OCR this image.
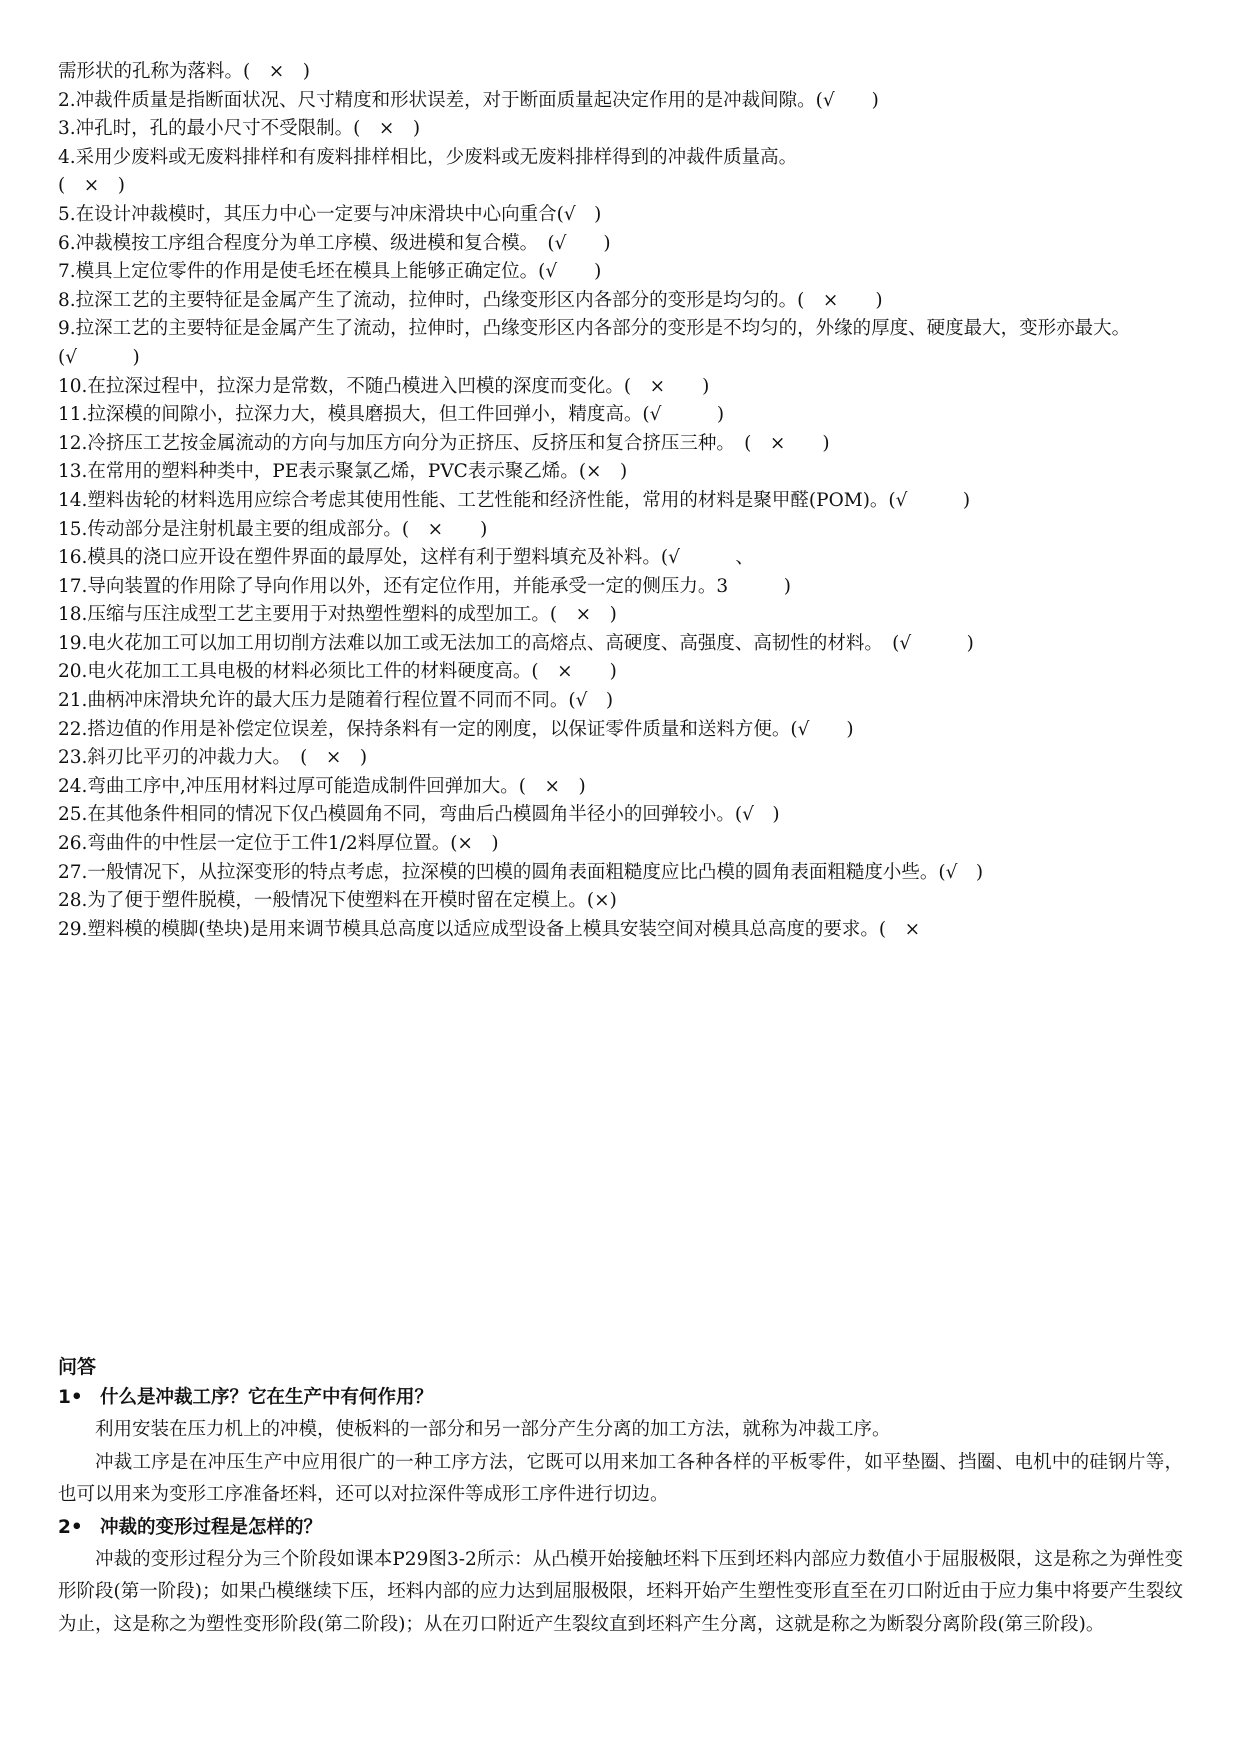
需形状的孔称为落料。(　×　)
2.冲裁件质量是指断面状况、尺寸精度和形状误差，对于断面质量起决定作用的是冲裁间隙。(√　　)
3.冲孔时，孔的最小尺寸不受限制。(　×　)
4.采用少废料或无废料排样和有废料排样相比，少废料或无废料排样得到的冲裁件质量高。
(　×　)
5.在设计冲裁模时，其压力中心一定要与冲床滑块中心向重合(√　)
6.冲裁模按工序组合程度分为单工序模、级进模和复合模。　(√　　)
7.模具上定位零件的作用是使毛坯在模具上能够正确定位。(√　　)
8.拉深工艺的主要特征是金属产生了流动，拉伸时，凸缘变形区内各部分的变形是均匀的。(　×　　)
9.拉深工艺的主要特征是金属产生了流动，拉伸时，凸缘变形区内各部分的变形是不均匀的，外缘的厚度、硬度最大，变形亦最大。(√　　　)
10.在拉深过程中，拉深力是常数，不随凸模进入凹模的深度而变化。(　×　　)
11.拉深模的间隙小，拉深力大，模具磨损大，但工件回弹小，精度高。(√　　　)
12.冷挤压工艺按金属流动的方向与加压方向分为正挤压、反挤压和复合挤压三种。　(　×　　)
13.在常用的塑料种类中，PE表示聚氯乙烯，PVC表示聚乙烯。(×　)
14.塑料齿轮的材料选用应综合考虑其使用性能、工艺性能和经济性能，常用的材料是聚甲醛(POM)。(√　　　)
15.传动部分是注射机最主要的组成部分。(　×　　)
16.模具的浇口应开设在塑件界面的最厚处，这样有利于塑料填充及补料。(√　　　、
17.导向装置的作用除了导向作用以外，还有定位作用，并能承受一定的侧压力。3　　　)
18.压缩与压注成型工艺主要用于对热塑性塑料的成型加工。(　×　)
19.电火花加工可以加工用切削方法难以加工或无法加工的高熔点、高硬度、高强度、高韧性的材料。　(√　　　)
20.电火花加工工具电极的材料必须比工件的材料硬度高。(　×　　)
21.曲柄冲床滑块允许的最大压力是随着行程位置不同而不同。(√　)
22.搭边值的作用是补偿定位误差，保持条料有一定的刚度，以保证零件质量和送料方便。(√　　)
23.斜刃比平刃的冲裁力大。　(　×　)
24.弯曲工序中,冲压用材料过厚可能造成制件回弹加大。(　×　)
25.在其他条件相同的情况下仅凸模圆角不同，弯曲后凸模圆角半径小的回弹较小。(√　)
26.弯曲件的中性层一定位于工件1/2料厚位置。(×　)
27.一般情况下，从拉深变形的特点考虑，拉深模的凹模的圆角表面粗糙度应比凸模的圆角表面粗糙度小些。(√　)
28.为了便于塑件脱模，一般情况下使塑料在开模时留在定模上。(×)
29.塑料模的模脚(垫块)是用来调节模具总高度以适应成型设备上模具安装空间对模具总高度的要求。(　×
问答
1• 什么是冲裁工序？它在生产中有何作用？
利用安装在压力机上的冲模，使板料的一部分和另一部分产生分离的加工方法，就称为冲裁工序。
冲裁工序是在冲压生产中应用很广的一种工序方法，它既可以用来加工各种各样的平板零件，如平垫圈、挡圈、电机中的硅钢片等，也可以用来为变形工序准备坯料，还可以对拉深件等成形工序件进行切边。
2• 冲裁的变形过程是怎样的？
冲裁的变形过程分为三个阶段如课本P29图3-2所示：从凸模开始接触坯料下压到坯料内部应力数值小于屈服极限，这是称之为弹性变形阶段(第一阶段)；如果凸模继续下压，坯料内部的应力达到屈服极限，坯料开始产生塑性变形直至在刃口附近由于应力集中将要产生裂纹为止，这是称之为塑性变形阶段(第二阶段)；从在刃口附近产生裂纹直到坯料产生分离，这就是称之为断裂分离阶段(第三阶段)。
